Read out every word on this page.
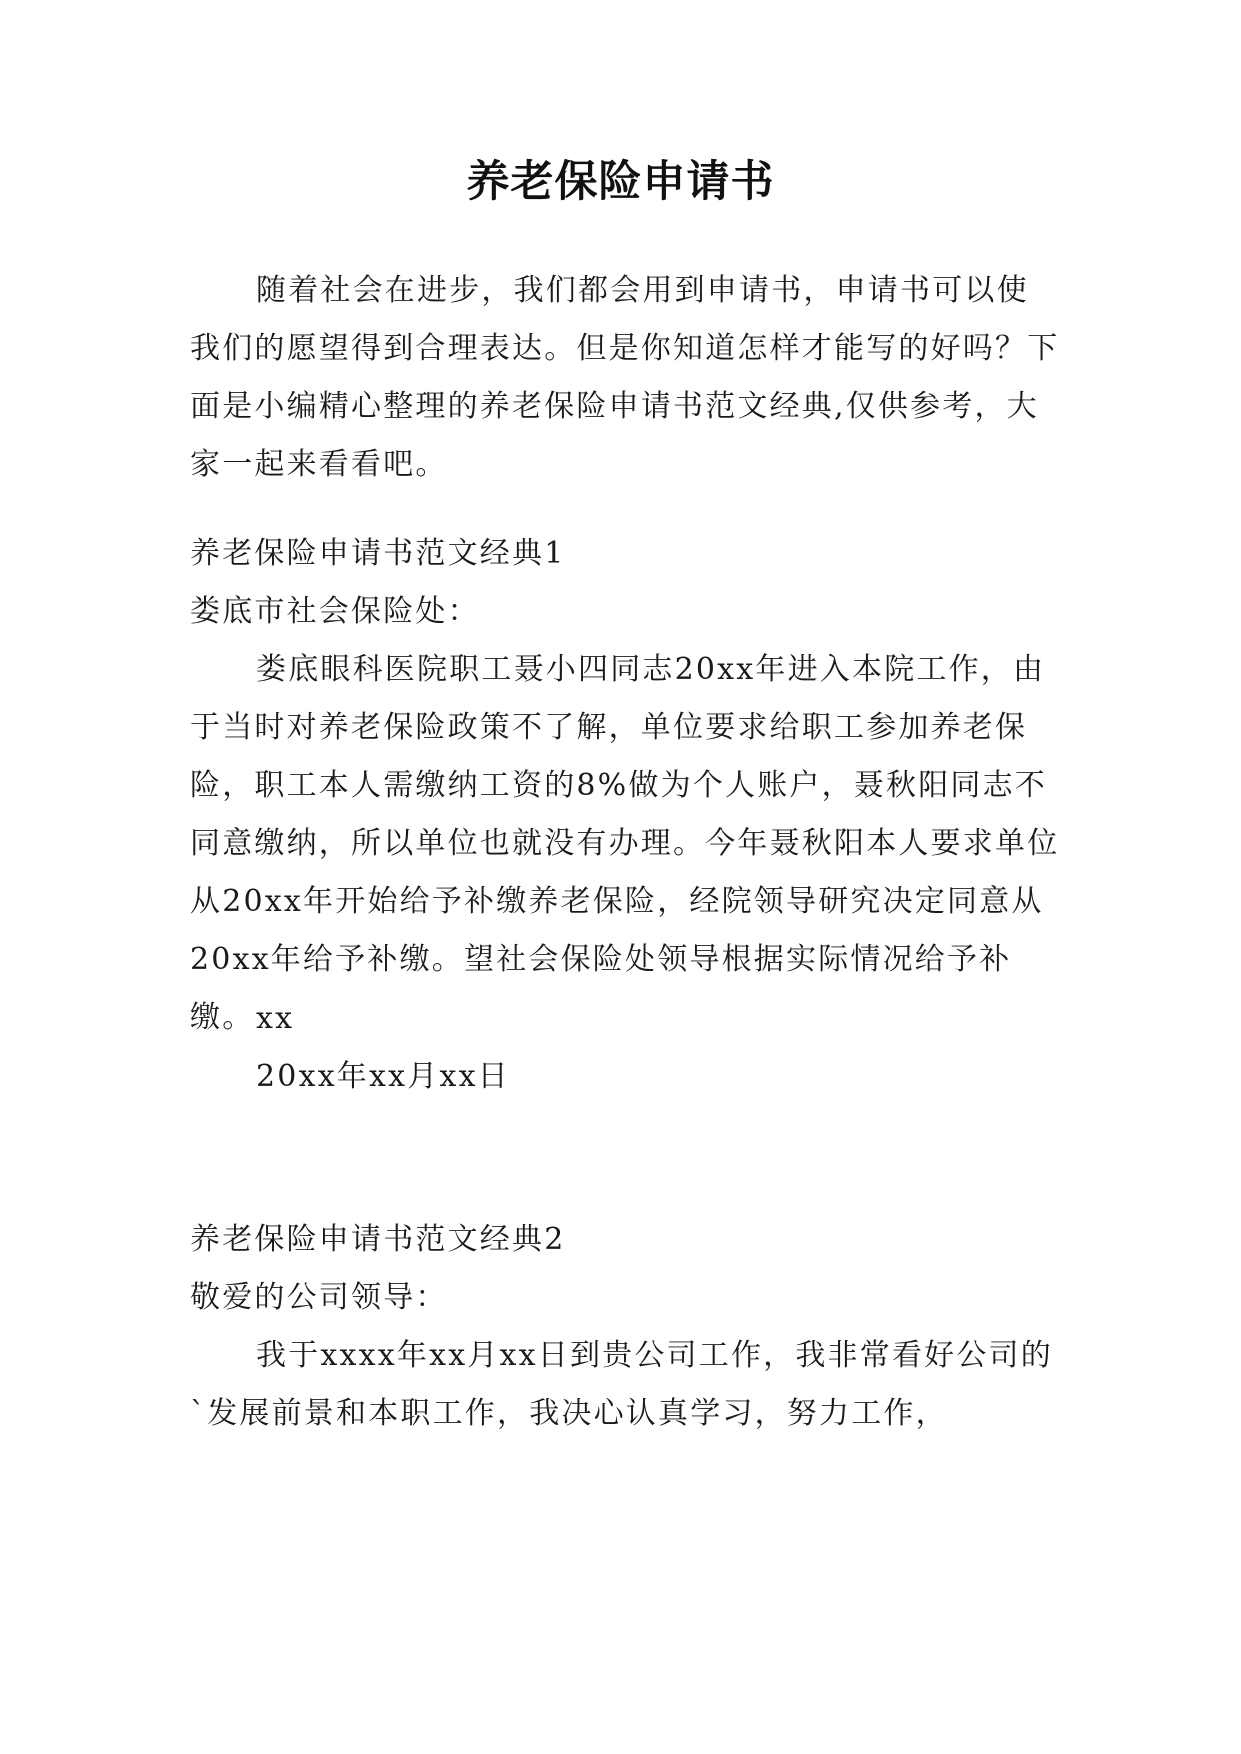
养老保险申请书

随着社会在进步，我们都会用到申请书，申请书可以使我们的愿望得到合理表达。但是你知道怎样才能写的好吗？下面是小编精心整理的养老保险申请书范文经典,仅供参考，大家一起来看看吧。

养老保险申请书范文经典1

娄底市社会保险处：

娄底眼科医院职工聂小四同志20xx年进入本院工作，由于当时对养老保险政策不了解，单位要求给职工参加养老保险，职工本人需缴纳工资的8%做为个人账户，聂秋阳同志不同意缴纳，所以单位也就没有办理。今年聂秋阳本人要求单位从20xx年开始给予补缴养老保险，经院领导研究决定同意从20xx年给予补缴。望社会保险处领导根据实际情况给予补缴。 xx

20xx年xx月xx日

养老保险申请书范文经典2

敬爱的公司领导：

我于xxxx年xx月xx日到贵公司工作，我非常看好公司的`发展前景和本职工作，我决心认真学习，努力工作，
